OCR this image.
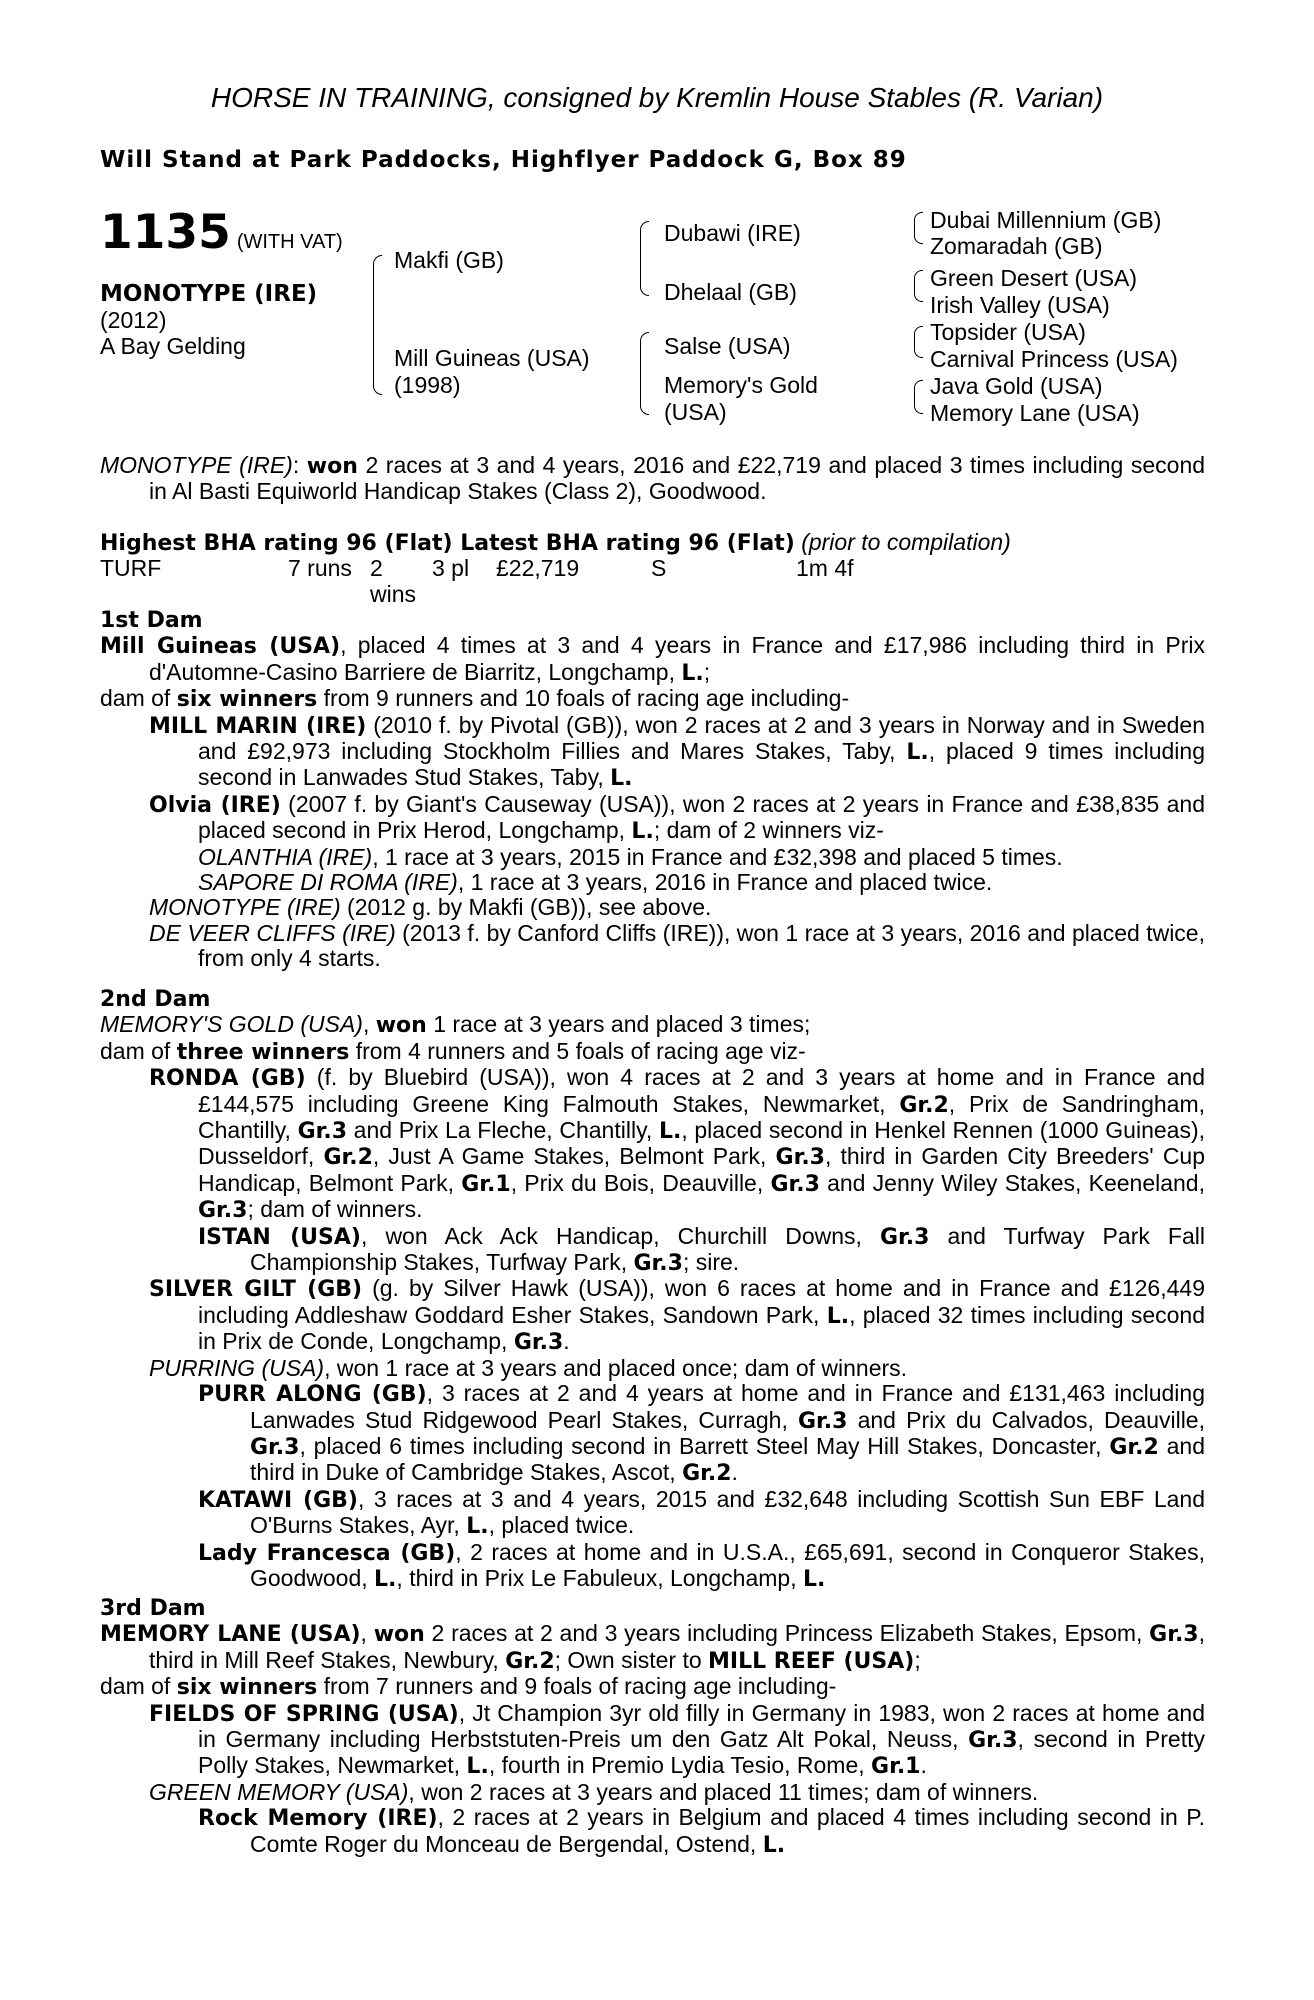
HORSE IN TRAINING, consigned by Kremlin House Stables (R. Varian)
Will Stand at Park Paddocks, Highflyer Paddock G, Box 89
1135 (WITH VAT)
MONOTYPE (IRE)
(2012)
A Bay Gelding
Makfi (GB)
Mill Guineas (USA)
(1998)
Dubawi (IRE)
Dhelaal (GB)
Salse (USA)
Memory's Gold
(USA)
Dubai Millennium (GB)
Zomaradah (GB)
Green Desert (USA)
Irish Valley (USA)
Topsider (USA)
Carnival Princess (USA)
Java Gold (USA)
Memory Lane (USA)

MONOTYPE (IRE): won 2 races at 3 and 4 years, 2016 and £22,719 and placed 3 times including second in Al Basti Equiworld Handicap Stakes (Class 2), Goodwood.

Highest BHA rating 96 (Flat) Latest BHA rating 96 (Flat) (prior to compilation)

TURF	7 runs 2 wins
3 pl	£22,719	S	1m 4f

1st Dam

Mill Guineas (USA), placed 4 times at 3 and 4 years in France and £17,986 including third in Prix d'Automne-Casino Barriere de Biarritz, Longchamp, L.;

dam of six winners from 9 runners and 10 foals of racing age including-

MILL MARIN (IRE) (2010 f. by Pivotal (GB)), won 2 races at 2 and 3 years in Norway and in Sweden and £92,973 including Stockholm Fillies and Mares Stakes, Taby, L., placed 9 times including second in Lanwades Stud Stakes, Taby, L.

Olvia (IRE) (2007 f. by Giant's Causeway (USA)), won 2 races at 2 years in France and £38,835 and placed second in Prix Herod, Longchamp, L.; dam of 2 winners viz-

OLANTHIA (IRE), 1 race at 3 years, 2015 in France and £32,398 and placed 5 times.

SAPORE DI ROMA (IRE), 1 race at 3 years, 2016 in France and placed twice.

MONOTYPE (IRE) (2012 g. by Makfi (GB)), see above.

DE VEER CLIFFS (IRE) (2013 f. by Canford Cliffs (IRE)), won 1 race at 3 years, 2016 and placed twice, from only 4 starts.

2nd Dam

MEMORY'S GOLD (USA), won 1 race at 3 years and placed 3 times;

dam of three winners from 4 runners and 5 foals of racing age viz-

RONDA (GB) (f. by Bluebird (USA)), won 4 races at 2 and 3 years at home and in France and £144,575 including Greene King Falmouth Stakes, Newmarket, Gr.2, Prix de Sandringham, Chantilly, Gr.3 and Prix La Fleche, Chantilly, L., placed second in Henkel Rennen (1000 Guineas), Dusseldorf, Gr.2, Just A Game Stakes, Belmont Park, Gr.3, third in Garden City Breeders' Cup Handicap, Belmont Park, Gr.1, Prix du Bois, Deauville, Gr.3 and Jenny Wiley Stakes, Keeneland, Gr.3; dam of winners.

ISTAN (USA), won Ack Ack Handicap, Churchill Downs, Gr.3 and Turfway Park Fall Championship Stakes, Turfway Park, Gr.3; sire.

SILVER GILT (GB) (g. by Silver Hawk (USA)), won 6 races at home and in France and £126,449 including Addleshaw Goddard Esher Stakes, Sandown Park, L., placed 32 times including second in Prix de Conde, Longchamp, Gr.3.

PURRING (USA), won 1 race at 3 years and placed once; dam of winners.

PURR ALONG (GB), 3 races at 2 and 4 years at home and in France and £131,463 including Lanwades Stud Ridgewood Pearl Stakes, Curragh, Gr.3 and Prix du Calvados, Deauville, Gr.3, placed 6 times including second in Barrett Steel May Hill Stakes, Doncaster, Gr.2 and third in Duke of Cambridge Stakes, Ascot, Gr.2.

KATAWI (GB), 3 races at 3 and 4 years, 2015 and £32,648 including Scottish Sun EBF Land O'Burns Stakes, Ayr, L., placed twice.

Lady Francesca (GB), 2 races at home and in U.S.A., £65,691, second in Conqueror Stakes, Goodwood, L., third in Prix Le Fabuleux, Longchamp, L.

3rd Dam

MEMORY LANE (USA), won 2 races at 2 and 3 years including Princess Elizabeth Stakes, Epsom, Gr.3, third in Mill Reef Stakes, Newbury, Gr.2; Own sister to MILL REEF (USA);

dam of six winners from 7 runners and 9 foals of racing age including-

FIELDS OF SPRING (USA), Jt Champion 3yr old filly in Germany in 1983, won 2 races at home and in Germany including Herbststuten-Preis um den Gatz Alt Pokal, Neuss, Gr.3, second in Pretty Polly Stakes, Newmarket, L., fourth in Premio Lydia Tesio, Rome, Gr.1.

GREEN MEMORY (USA), won 2 races at 3 years and placed 11 times; dam of winners.

Rock Memory (IRE), 2 races at 2 years in Belgium and placed 4 times including second in P. Comte Roger du Monceau de Bergendal, Ostend, L.
